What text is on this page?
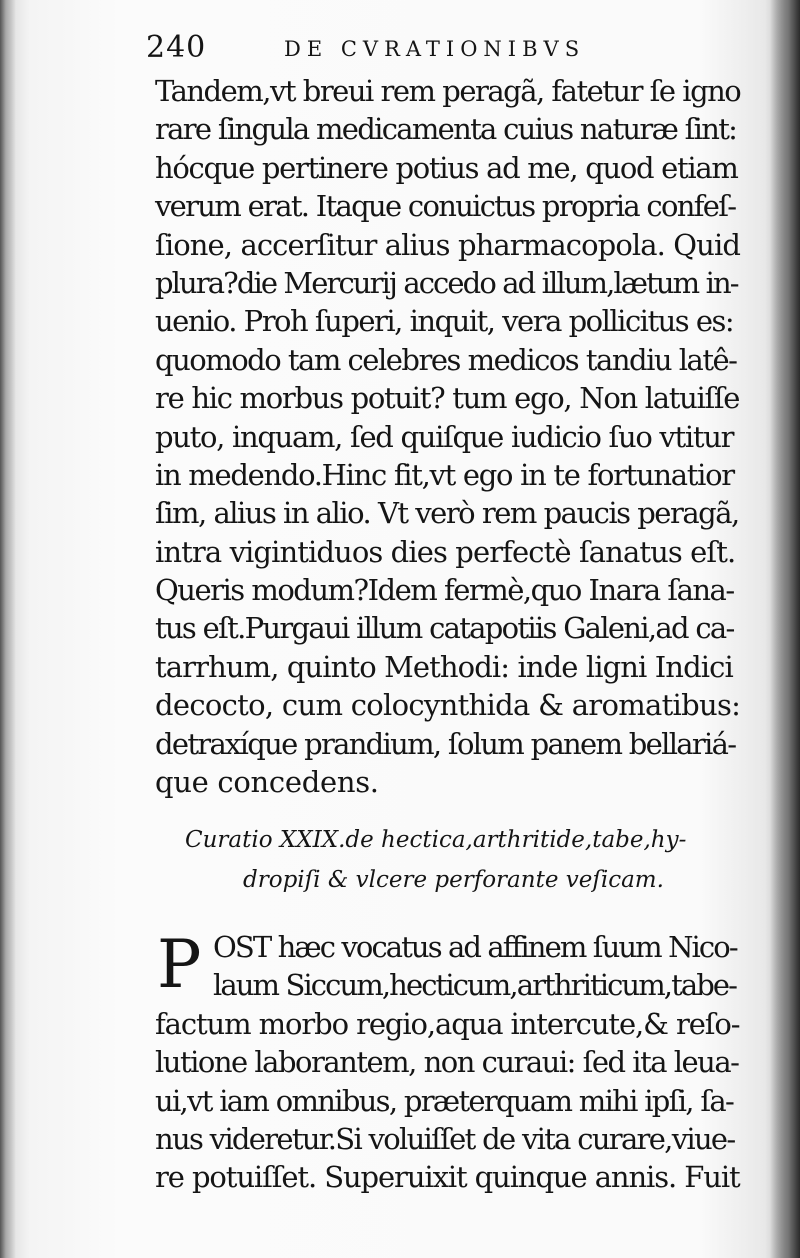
240	DE CVRATIONIBVS
Tandem,vt breui rem peragã, fatetur ſe igno
rare ſingula medicamenta cuius naturæ ſint:
hócque pertinere potius ad me, quod etiam
verum erat. Itaque conuictus propria confeſ-
ſione, accerſitur alius pharmacopola. Quid
plura?die Mercurij accedo ad illum,lætum in-
uenio. Proh ſuperi, inquit, vera pollicitus es:
quomodo tam celebres medicos tandiu latê-
re hic morbus potuit? tum ego, Non latuiſſe
puto, inquam, ſed quiſque iudicio ſuo vtitur
in medendo.Hinc fit,vt ego in te fortunatior
ſim, alius in alio. Vt verò rem paucis peragã,
intra vigintiduos dies perfectè ſanatus eſt.
Queris modum?Idem fermè,quo Inara ſana-
tus eſt.Purgaui illum catapotiis Galeni,ad ca-
tarrhum, quinto Methodi: inde ligni Indici
decocto, cum colocynthida & aromatibus:
detraxíque prandium, ſolum panem bellariá-
que concedens.
Curatio XXIX.de hectica,arthritide,tabe,hy-
dropiſi & vlcere perforante veſicam.
P OST hæc vocatus ad affinem ſuum Nico-
laum Siccum,hecticum,arthriticum,tabe-
factum morbo regio,aqua intercute,& reſo-
lutione laborantem, non curaui: ſed ita leua-
ui,vt iam omnibus, præterquam mihi ipſi, ſa-
nus videretur.Si voluiſſet de vita curare,viue-
re potuiſſet. Superuixit quinque annis. Fuit
